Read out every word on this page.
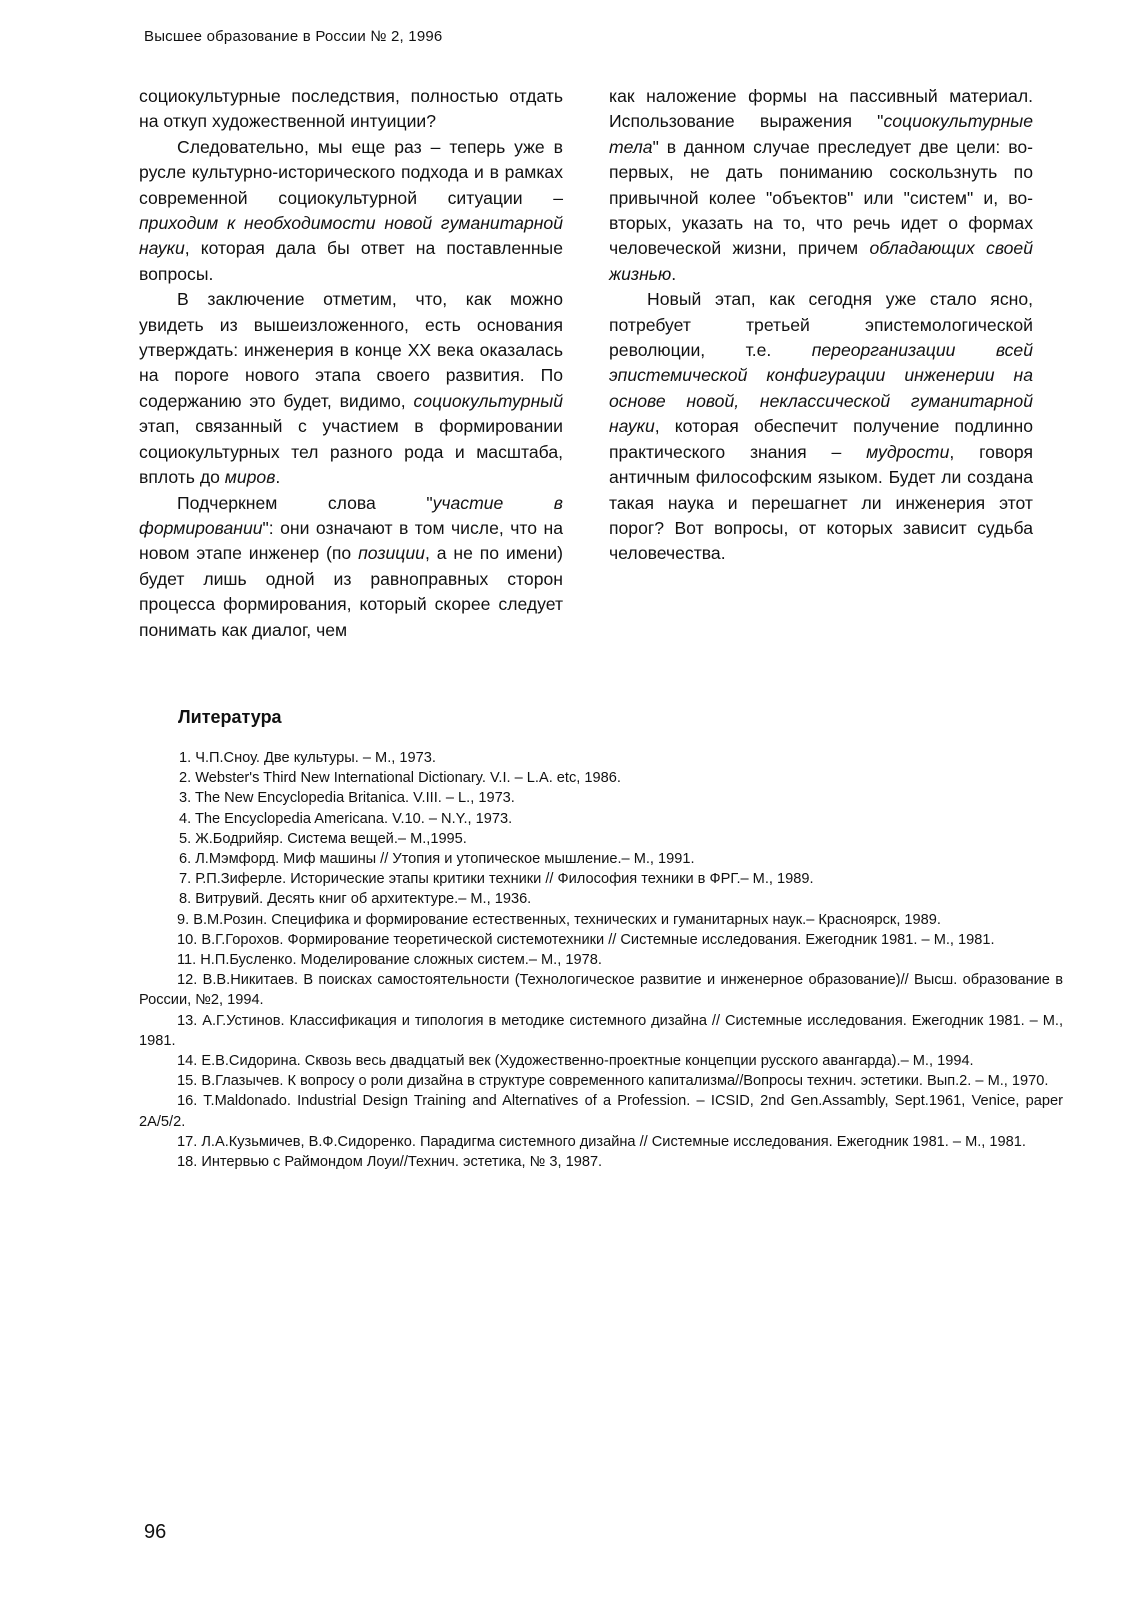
Высшее образование в России № 2, 1996

социокультурные последствия, полностью отдать на откуп художественной интуиции?

Следовательно, мы еще раз – теперь уже в русле культурно-исторического подхода и в рамках современной социокультурной ситуации – приходим к необходимости новой гуманитарной науки, которая дала бы ответ на поставленные вопросы.

В заключение отметим, что, как можно увидеть из вышеизложенного, есть основания утверждать: инженерия в конце XX века оказалась на пороге нового этапа своего развития. По содержанию это будет, видимо, социокультурный этап, связанный с участием в формировании социокультурных тел разного рода и масштаба, вплоть до миров.

Подчеркнем слова "участие в формировании": они означают в том числе, что на новом этапе инженер (по позиции, а не по имени) будет лишь одной из равноправных сторон процесса формирования, который скорее следует понимать как диалог, чем

как наложение формы на пассивный материал. Использование выражения "социокультурные тела" в данном случае преследует две цели: во-первых, не дать пониманию соскользнуть по привычной колее "объектов" или "систем" и, во-вторых, указать на то, что речь идет о формах человеческой жизни, причем обладающих своей жизнью.

Новый этап, как сегодня уже стало ясно, потребует третьей эпистемологической революции, т.е. переорганизации всей эпистемической конфигурации инженерии на основе новой, неклассической гуманитарной науки, которая обеспечит получение подлинно практического знания – мудрости, говоря античным философским языком. Будет ли создана такая наука и перешагнет ли инженерия этот порог? Вот вопросы, от которых зависит судьба человечества.

Литература

1. Ч.П.Сноу. Две культуры. – М., 1973.

2. Webster's Third New International Dictionary. V.I. – L.A. etc, 1986.

3. The New Encyclopedia Britanica. V.III. – L., 1973.

4. The Encyclopedia Americana. V.10. – N.Y., 1973.

5. Ж.Бодрийяр. Система вещей.– М.,1995.

6. Л.Мэмфорд. Миф машины // Утопия и утопическое мышление.– М., 1991.

7. Р.П.Зиферле. Исторические этапы критики техники // Философия техники в ФРГ.– М., 1989.

8. Витрувий. Десять книг об архитектуре.– М., 1936.

9. В.М.Розин. Специфика и формирование естественных, технических и гуманитарных наук.– Красноярск, 1989.

10. В.Г.Горохов. Формирование теоретической системотехники // Системные исследования. Ежегодник 1981. – М., 1981.

11. Н.П.Бусленко. Моделирование сложных систем.– М., 1978.

12. В.В.Никитаев. В поисках самостоятельности (Технологическое развитие и инженерное образование)// Высш. образование в России, №2, 1994.

13. А.Г.Устинов. Классификация и типология в методике системного дизайна // Системные исследования. Ежегодник 1981. – М., 1981.

14. Е.В.Сидорина. Сквозь весь двадцатый век (Художественно-проектные концепции русского авангарда).– М., 1994.

15. В.Глазычев. К вопросу о роли дизайна в структуре современного капитализма//Вопросы технич. эстетики. Вып.2. – М., 1970.

16. T.Maldonado. Industrial Design Training and Alternatives of a Profession. – ICSID, 2nd Gen.Assambly, Sept.1961, Venice, paper 2A/5/2.

17. Л.А.Кузьмичев, В.Ф.Сидоренко. Парадигма системного дизайна // Системные исследования. Ежегодник 1981. – М., 1981.

18. Интервью с Раймондом Лоуи//Технич. эстетика, № 3, 1987.

96
